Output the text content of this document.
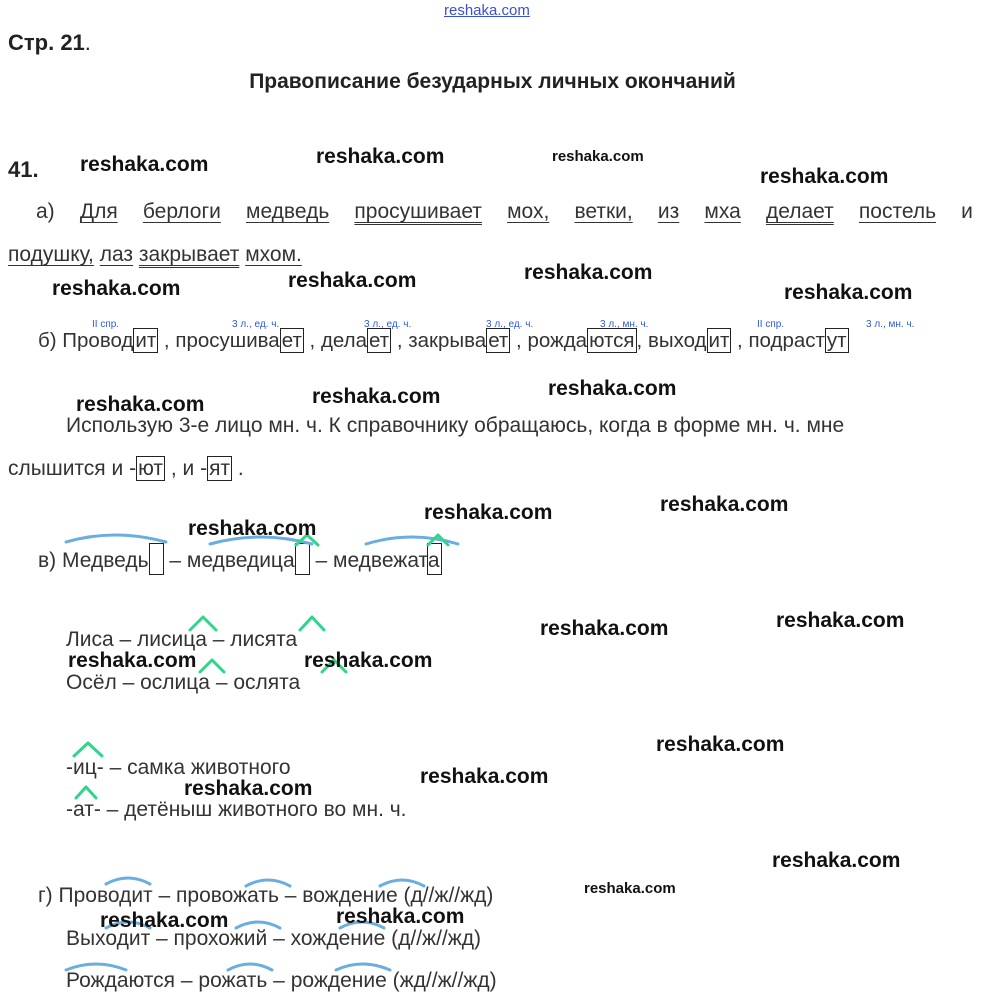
reshaka.com
Стр. 21.
Правописание безударных личных окончаний
41.
а) Для берлоги медведь просушивает мох, ветки, из мха делает постель и
подушку, лаз закрывает мхом.
II спр.	3 л., ед. ч.	3 л., ед. ч.	3 л., ед. ч.	3 л., мн. ч.	II спр.	3 л., мн. ч.
б) Проводит , просушивает , делает , закрывает , рождаются, выходит , подрастут
Использую 3-е лицо мн. ч. К справочнику обращаюсь, когда в форме мн. ч. мне
слышится и -ют , и -ят .
в) Медведь – медведица – медвежата
Лиса – лисица – лисята
Осёл – ослица – ослята
-иц- – самка животного
-ат- – детёныш животного во мн. ч.
г) Проводит – провожать – вождение (д//ж//жд)
Выходит – прохожий – хождение (д//ж//жд)
Рождаются – рожать – рождение (жд//ж//жд)
reshaka.com	reshaka.com	reshaka.com
reshaka.com
reshaka.com	reshaka.com	reshaka.com
reshaka.com
reshaka.com	reshaka.com	reshaka.com
reshaka.com
reshaka.com	reshaka.com
reshaka.com	reshaka.com
reshaka.com	reshaka.com
reshaka.com
reshaka.com
reshaka.com
reshaka.com
reshaka.com
reshaka.com	reshaka.com
